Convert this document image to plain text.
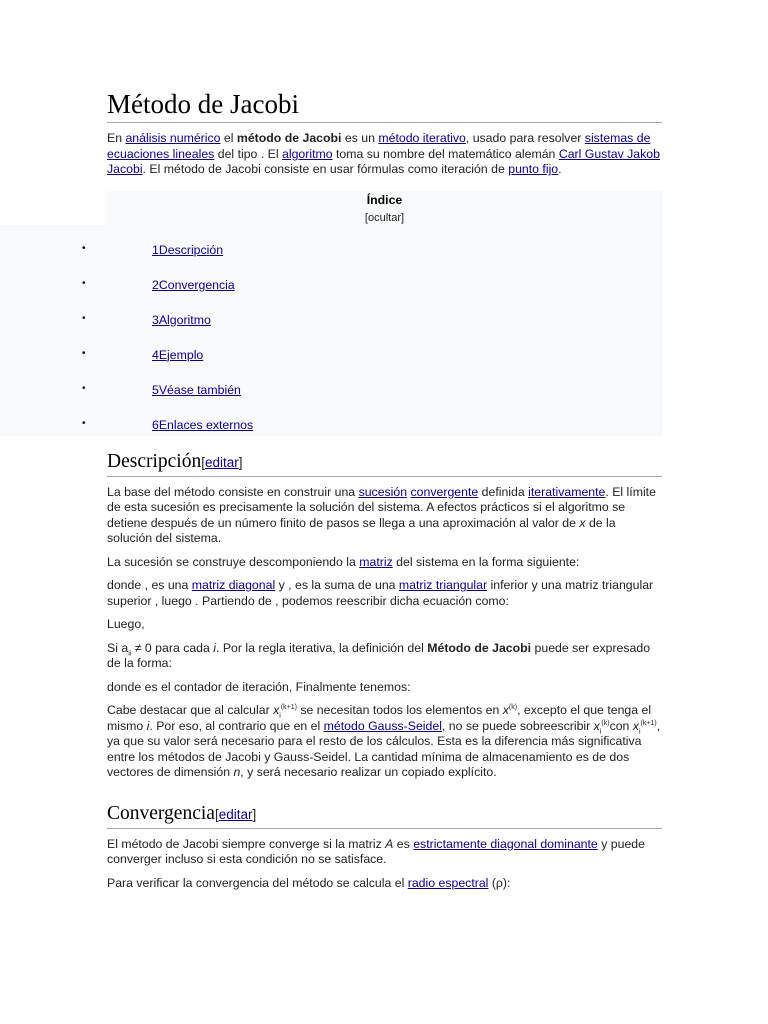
Método de Jacobi

En análisis numérico el método de Jacobi es un método iterativo, usado para resolver sistemas de ecuaciones lineales del tipo . El algoritmo toma su nombre del matemático alemán Carl Gustav Jakob Jacobi. El método de Jacobi consiste en usar fórmulas como iteración de punto fijo.

Índice
[ocultar]
•	1Descripción
•	2Convergencia
•	3Algoritmo
•	4Ejemplo
•	5Véase también
•	6Enlaces externos
Descripción[editar]

La base del método consiste en construir una sucesión convergente definida iterativamente. El límite de esta sucesión es precisamente la solución del sistema. A efectos prácticos si el algoritmo se detiene después de un número finito de pasos se llega a una aproximación al valor de x de la solución del sistema.

La sucesión se construye descomponiendo la matriz del sistema en la forma siguiente:

donde , es una matriz diagonal y , es la suma de una matriz triangular inferior y una matriz triangular superior , luego . Partiendo de , podemos reescribir dicha ecuación como:

Luego,

Si $a_{ii} \ne 0$ para cada i. Por la regla iterativa, la definición del Método de Jacobi puede ser expresado de la forma:

donde es el contador de iteración, Finalmente tenemos:

Cabe destacar que al calcular $x_i^{(k+1)}$ se necesitan todos los elementos en $x^{(k)}$, excepto el que tenga el mismo i. Por eso, al contrario que en el método Gauss-Seidel, no se puede sobreescribir $x_i^{(k)}con$ $x_i^{(k+1)}$, ya que su valor será necesario para el resto de los cálculos. Esta es la diferencia más significativa entre los métodos de Jacobi y Gauss-Seidel. La cantidad mínima de almacenamiento es de dos vectores de dimensión n, y será necesario realizar un copiado explícito.

Convergencia[editar]

El método de Jacobi siempre converge si la matriz A es estrictamente diagonal dominante y puede converger incluso si esta condición no se satisface.

Para verificar la convergencia del método se calcula el radio espectral (ρ):
